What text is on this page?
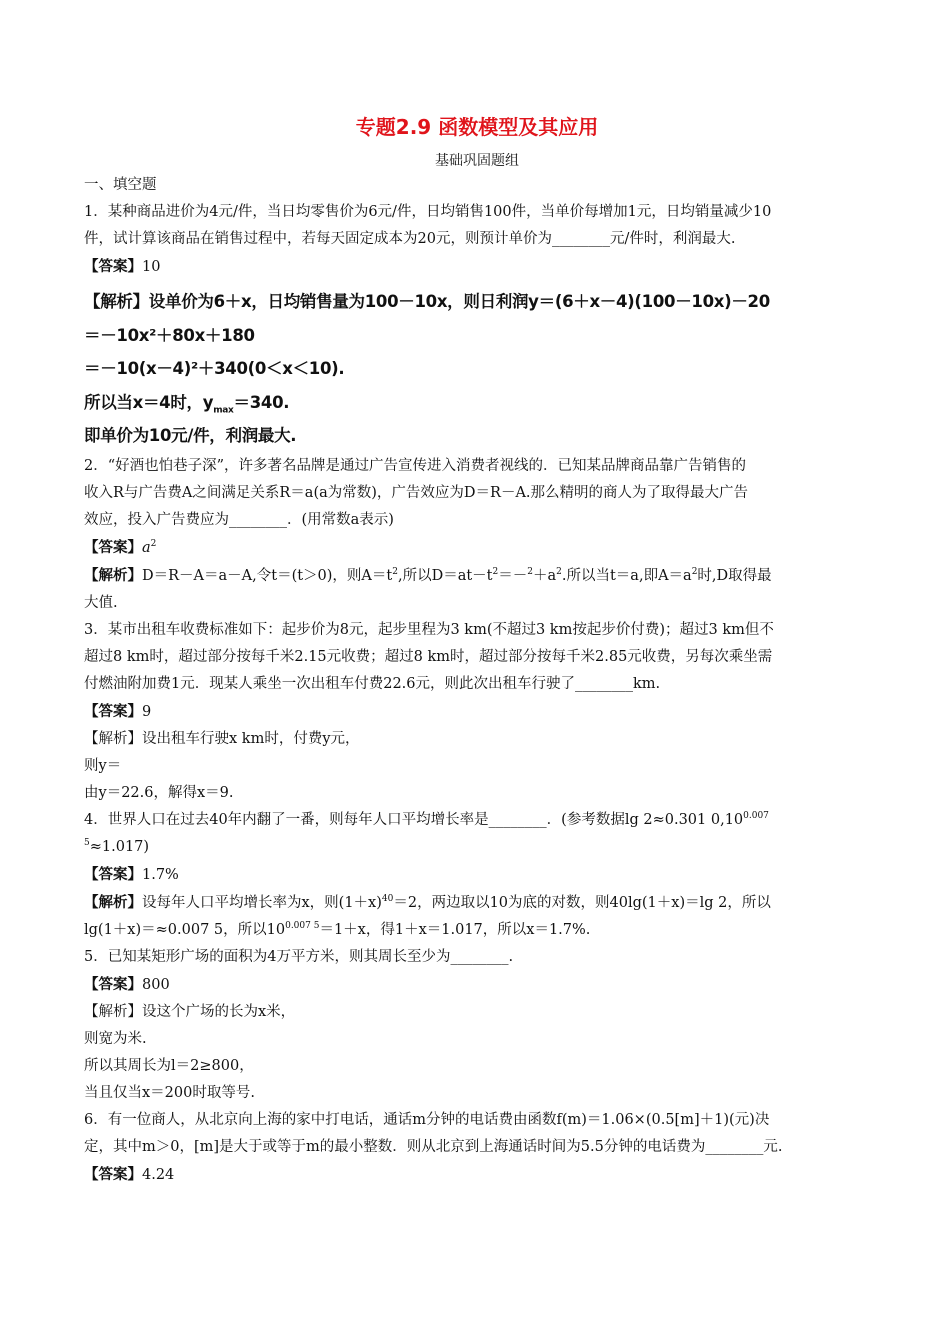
专题2.9 函数模型及其应用

基础巩固题组

一、填空题

1．某种商品进价为4元/件，当日均零售价为6元/件，日均销售100件，当单价每增加1元，日均销量减少10

件，试计算该商品在销售过程中，若每天固定成本为20元，则预计单价为________元/件时，利润最大.

【答案】10

【解析】设单价为6＋x，日均销售量为100－10x，则日利润y＝(6＋x－4)(100－10x)－20

＝－10x²＋80x＋180

＝－10(x－4)²＋340(0＜x＜10).

所以当x＝4时，$y_{max}=340$.

即单价为10元/件，利润最大.

2．“好酒也怕巷子深”，许多著名品牌是通过广告宣传进入消费者视线的．已知某品牌商品靠广告销售的

收入R与广告费A之间满足关系R＝a(a为常数)，广告效应为D＝R－A.那么精明的商人为了取得最大广告

效应，投入广告费应为________．(用常数a表示)

【答案】$a^2$

【解析】D＝R－A＝a－A,令t＝(t＞0)，则$A=t^2$,所以$D=at-t^2=-^2+a^2$.所以当t＝a,即$A=a^2$时,D取得最

大值.

3．某市出租车收费标准如下：起步价为8元，起步里程为3 km(不超过3 km按起步价付费)；超过3 km但不

超过8 km时，超过部分按每千米2.15元收费；超过8 km时，超过部分按每千米2.85元收费，另每次乘坐需

付燃油附加费1元．现某人乘坐一次出租车付费22.6元，则此次出租车行驶了________km.

【答案】9

【解析】设出租车行驶x km时，付费y元，

则y＝

由y＝22.6，解得x＝9.

4．世界人口在过去40年内翻了一番，则每年人口平均增长率是________．(参考数据lg 2≈0.301 $0,10^{0.007}$

$^5$≈1.017)

【答案】1.7%

【解析】设每年人口平均增长率为x，则$(1+x)^{40}=2$，两边取以10为底的对数，则40lg(1＋x)＝lg 2，所以

lg(1＋x)＝≈0.007 5，所以$10^{0.007 5}=1+x$，得1＋x＝1.017，所以x＝1.7%.

5．已知某矩形广场的面积为4万平方米，则其周长至少为________.

【答案】800

【解析】设这个广场的长为x米，

则宽为米.

所以其周长为l＝2≥800，

当且仅当x＝200时取等号.

6．有一位商人，从北京向上海的家中打电话，通话m分钟的电话费由函数f(m)＝1.06×(0.5[m]＋1)(元)决

定，其中m＞0，[m]是大于或等于m的最小整数．则从北京到上海通话时间为5.5分钟的电话费为________元.

【答案】4.24
